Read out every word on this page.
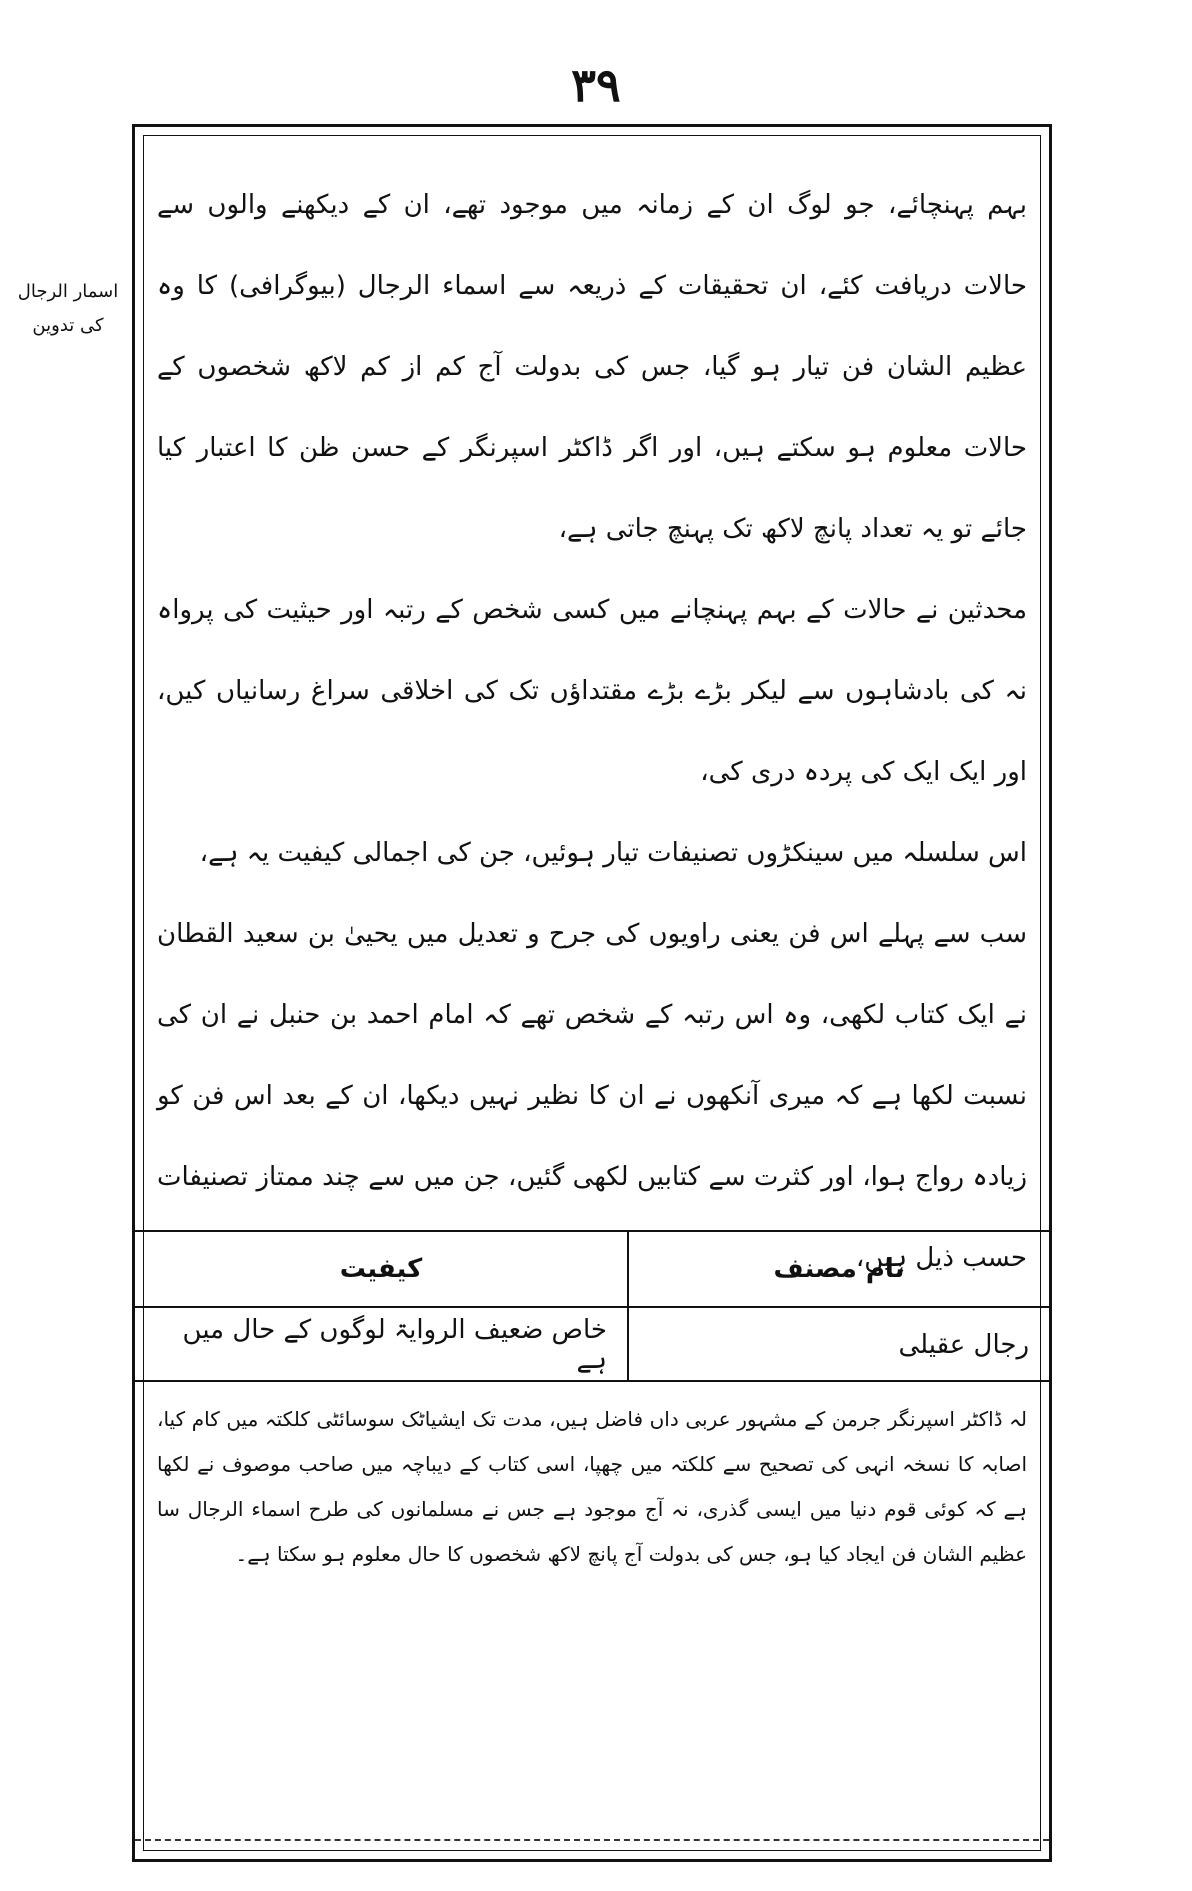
۳۹
اسمار الرجال
کی تدوین

بہم پہنچائے، جو لوگ ان کے زمانہ میں موجود تھے، ان کے دیکھنے والوں سے حالات دریافت کئے، ان تحقیقات کے ذریعہ سے اسماء الرجال (بیوگرافی) کا وہ عظیم الشان فن تیار ہو گیا، جس کی بدولت آج کم از کم لاکھ شخصوں کے حالات معلوم ہو سکتے ہیں، اور اگر ڈاکٹر اسپرنگر کے حسن ظن کا اعتبار کیا جائے تو یہ تعداد پانچ لاکھ تک پہنچ جاتی ہے،

محدثین نے حالات کے بہم پہنچانے میں کسی شخص کے رتبہ اور حیثیت کی پرواہ نہ کی بادشاہوں سے لیکر بڑے بڑے مقتداؤں تک کی اخلاقی سراغ رسانیاں کیں، اور ایک ایک کی پردہ دری کی،

اس سلسلہ میں سینکڑوں تصنیفات تیار ہوئیں، جن کی اجمالی کیفیت یہ ہے،

سب سے پہلے اس فن یعنی راویوں کی جرح و تعدیل میں یحییٰ بن سعید القطان نے ایک کتاب لکھی، وہ اس رتبہ کے شخص تھے کہ امام احمد بن حنبل نے ان کی نسبت لکھا ہے کہ میری آنکھوں نے ان کا نظیر نہیں دیکھا، ان کے بعد اس فن کو زیادہ رواج ہوا، اور کثرت سے کتابیں لکھی گئیں، جن میں سے چند ممتاز تصنیفات حسب ذیل ہیں،

نام مصنف
کیفیت
رجال عقیلی
خاص ضعیف الروایۃ لوگوں کے حال میں ہے
لہ ڈاکٹر اسپرنگر جرمن کے مشہور عربی داں فاضل ہیں، مدت تک ایشیاٹک سوسائٹی کلکتہ میں کام کیا، اصابہ کا نسخہ انہی کی تصحیح سے کلکتہ میں چھپا، اسی کتاب کے دیباچہ میں صاحب موصوف نے لکھا ہے کہ کوئی قوم دنیا میں ایسی گذری، نہ آج موجود ہے جس نے مسلمانوں کی طرح اسماء الرجال سا عظیم الشان فن ایجاد کیا ہو، جس کی بدولت آج پانچ لاکھ شخصوں کا حال معلوم ہو سکتا ہے۔
